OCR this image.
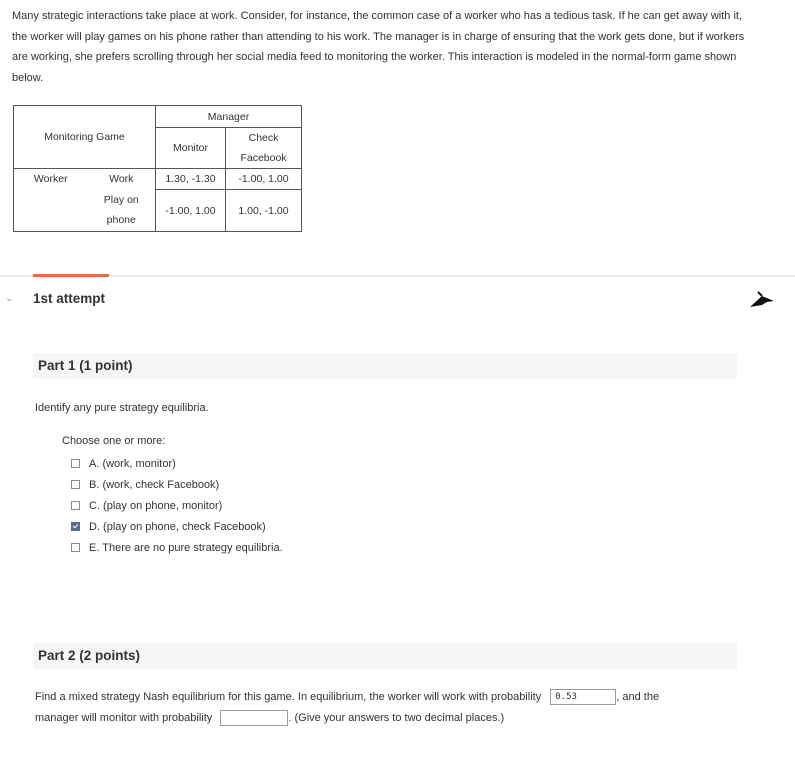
Many strategic interactions take place at work. Consider, for instance, the common case of a worker who has a tedious task. If he can get away with it, the worker will play games on his phone rather than attending to his work. The manager is in charge of ensuring that the work gets done, but if workers are working, she prefers scrolling through her social media feed to monitoring the worker. This interaction is modeled in the normal-form game shown below.
Monitoring Game		Manager	
		Monitor	Check
Facebook

Worker	Work	1.30, -1.30	-1.00, 1.00

	Play on
phone	-1.00, 1.00	1.00, -1.00
⌄ 1st attempt
Part 1 (1 point)
Identify any pure strategy equilibria.
Choose one or more:
A. (work, monitor)
B. (work, check Facebook)
C. (play on phone, monitor)
D. (play on phone, check Facebook)
E. There are no pure strategy equilibria.
Part 2 (2 points)
Find a mixed strategy Nash equilibrium for this game. In equilibrium, the worker will work with probability 0.53	, and the
manager will monitor with probability	. (Give your answers to two decimal places.)
